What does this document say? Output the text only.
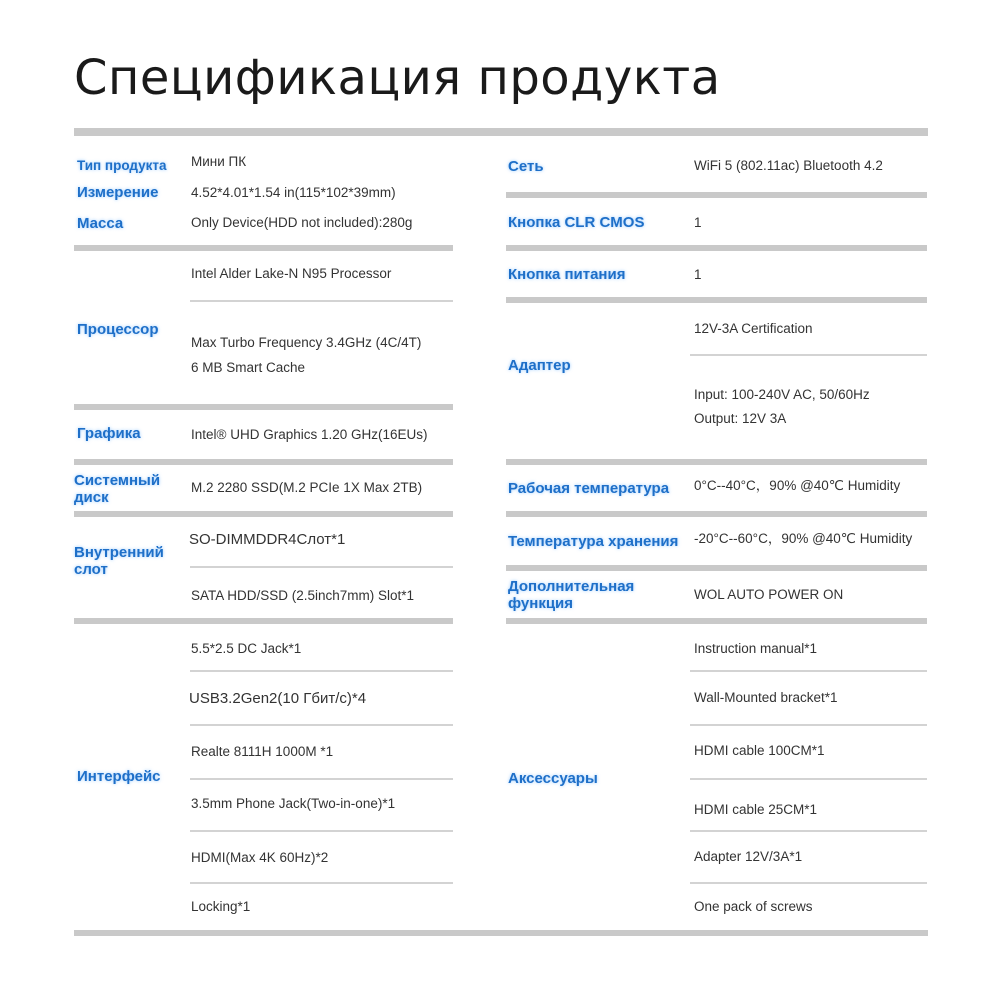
Спецификация продукта
Тип продукта
Измерение
Масса
Процессор
Графика
Системный диск
Внутренний слот
Интерфейс
Мини ПК
4.52*4.01*1.54 in(115*102*39mm)
Only Device(HDD not included):280g
Intel Alder Lake-N N95 Processor
Max Turbo Frequency 3.4GHz (4C/4T)
6 MB Smart Cache
Intel® UHD Graphics 1.20 GHz(16EUs)
M.2 2280 SSD(M.2 PCIe 1X Max 2TB)
SO-DIMMDDR4Слот*1
SATA HDD/SSD (2.5inch7mm) Slot*1
5.5*2.5 DC Jack*1
USB3.2Gen2(10 Гбит/с)*4
Realte 8111H 1000M *1
3.5mm Phone Jack(Two-in-one)*1
HDMI(Max 4K 60Hz)*2
Locking*1
Сеть
Кнопка CLR CMOS
Кнопка питания
Адаптер
Рабочая температура
Температура хранения
Дополнительная функция
Аксессуары
WiFi 5 (802.11ac) Bluetooth 4.2
1
1
12V-3A Certification
Input: 100-240V AC, 50/60Hz
Output: 12V 3A
0°C--40°C，90% @40℃ Humidity
-20°C--60°C，90% @40℃ Humidity
WOL AUTO POWER ON
Instruction manual*1
Wall-Mounted bracket*1
HDMI cable 100CM*1
HDMI cable 25CM*1
Adapter 12V/3A*1
One pack of screws
